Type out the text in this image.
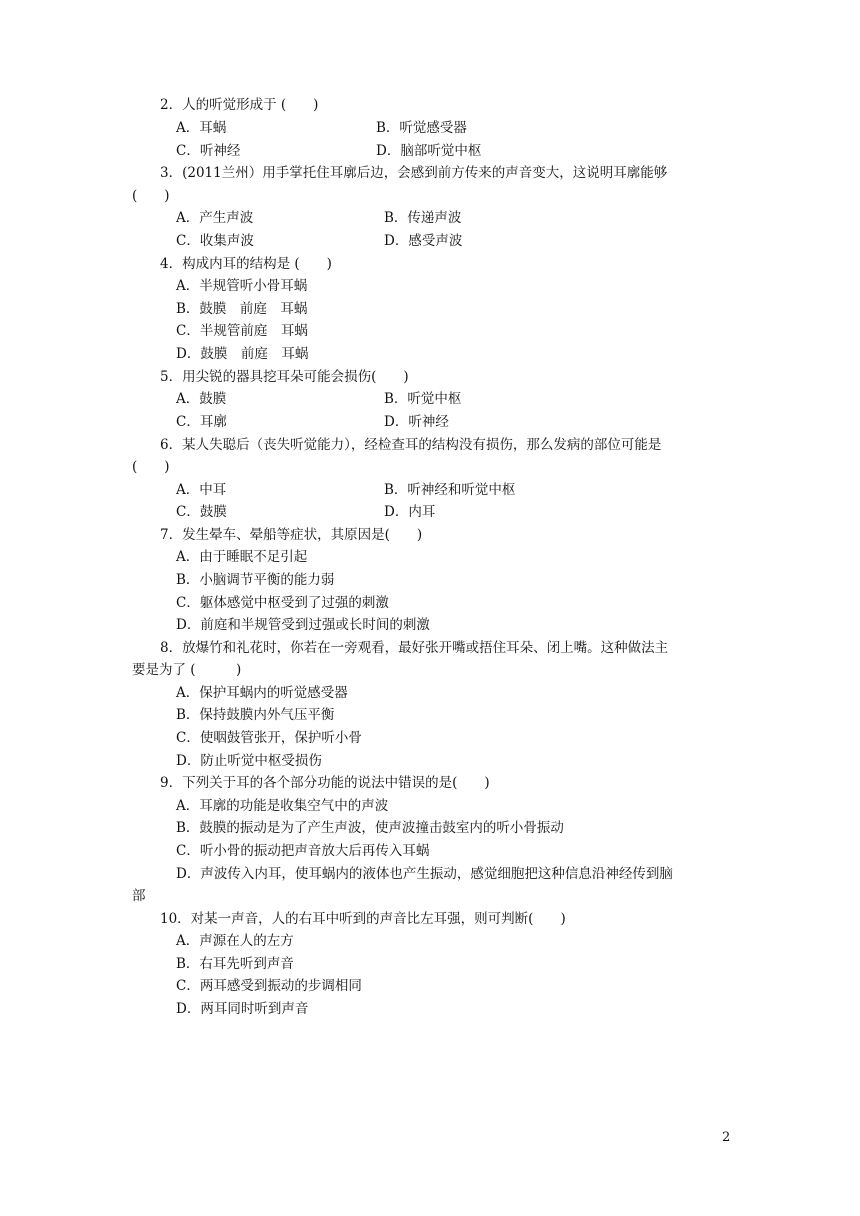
2．人的听觉形成于 (　　)
A．耳蜗	B．听觉感受器
C．听神经	D．脑部听觉中枢
3．(2011兰州）用手掌托住耳廓后边，会感到前方传来的声音变大，这说明耳廓能够
(　　)
A．产生声波	B．传递声波
C．收集声波	D．感受声波
4．构成内耳的结构是 (　　)
A．半规管听小骨耳蜗
B．鼓膜　前庭　耳蜗
C．半规管前庭　耳蜗
D．鼓膜　前庭　耳蜗
5．用尖锐的器具挖耳朵可能会损伤(　　)
A．鼓膜	B．听觉中枢
C．耳廓	D．听神经
6．某人失聪后（丧失听觉能力），经检查耳的结构没有损伤，那么发病的部位可能是
(　　)
A．中耳	B．听神经和听觉中枢
C．鼓膜	D．内耳
7．发生晕车、晕船等症状，其原因是(　　)
A．由于睡眠不足引起
B．小脑调节平衡的能力弱
C．躯体感觉中枢受到了过强的刺激
D．前庭和半规管受到过强或长时间的刺激
8．放爆竹和礼花时，你若在一旁观看，最好张开嘴或捂住耳朵、闭上嘴。这种做法主
要是为了 (　　　)
A．保护耳蜗内的听觉感受器
B．保持鼓膜内外气压平衡
C．使咽鼓管张开，保护听小骨
D．防止听觉中枢受损伤
9．下列关于耳的各个部分功能的说法中错误的是(　　)
A．耳廓的功能是收集空气中的声波
B．鼓膜的振动是为了产生声波，使声波撞击鼓室内的听小骨振动
C．听小骨的振动把声音放大后再传入耳蜗
D．声波传入内耳，使耳蜗内的液体也产生振动，感觉细胞把这种信息沿神经传到脑
部
10．对某一声音，人的右耳中听到的声音比左耳强，则可判断(　　)
A．声源在人的左方
B．右耳先听到声音
C．两耳感受到振动的步调相同
D．两耳同时听到声音
2
